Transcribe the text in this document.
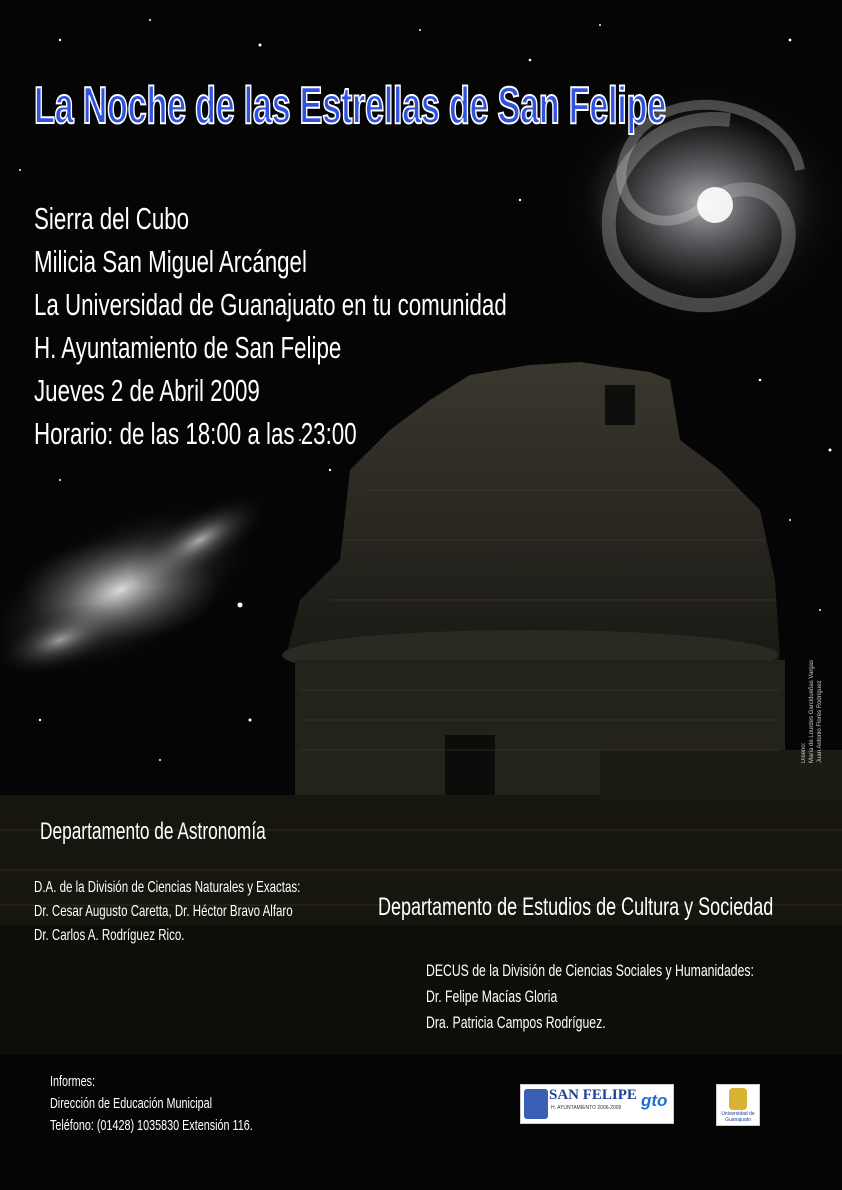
La Noche de las Estrellas de San Felipe
Sierra del Cubo
Milicia San Miguel Arcángel
La Universidad de Guanajuato en tu comunidad
H. Ayuntamiento de San Felipe
Jueves 2 de Abril 2009
Horario: de las 18:00 a las 23:00
Diseño: María de Lourdes Garcidueñas Vargas Juan Antonio Flores Rodríguez
Departamento de Astronomía
D.A. de la División de Ciencias Naturales y Exactas:
Dr. Cesar Augusto Caretta, Dr. Héctor Bravo Alfaro
Dr. Carlos A. Rodríguez Rico.
Departamento de Estudios de Cultura y Sociedad
DECUS de la División de Ciencias Sociales y Humanidades:
Dr. Felipe Macías Gloria
Dra. Patricia Campos Rodríguez.
Informes:
Dirección de Educación Municipal
Teléfono: (01428) 1035830 Extensión 116.
SAN FELIPE
H. AYUNTAMIENTO 2006-2009 gto
Universidad de Guanajuato
